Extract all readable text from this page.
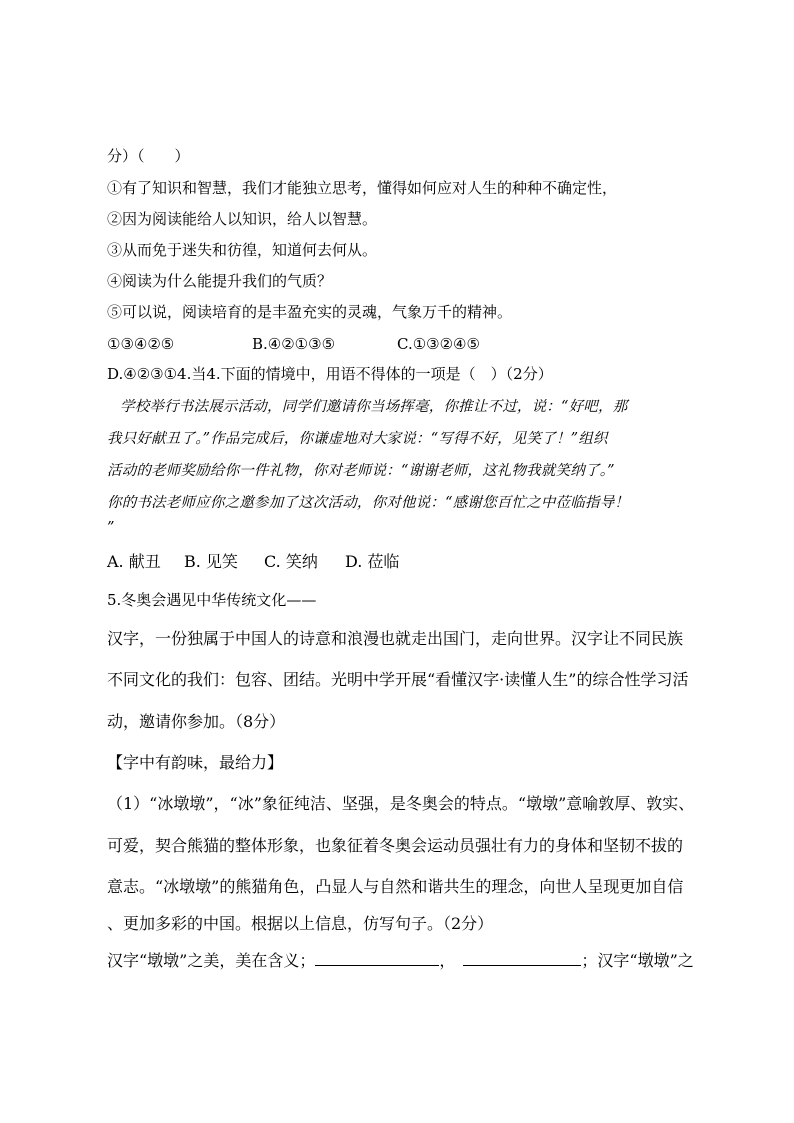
分）（　　）
①有了知识和智慧，我们才能独立思考，懂得如何应对人生的种种不确定性，
②因为阅读能给人以知识，给人以智慧。
③从而免于迷失和彷徨，知道何去何从。
④阅读为什么能提升我们的气质？
⑤可以说，阅读培育的是丰盈充实的灵魂，气象万千的精神。
①③④②⑤	B.④②①③⑤	C.①③②④⑤
D.④②③①4.当4.下面的情境中，用语不得体的一项是（　）（2分）
学校举行书法展示活动，同学们邀请你当场挥毫，你推让不过，说：“好吧，那
我只好献丑了。”作品完成后，你谦虚地对大家说：“写得不好，见笑了！”组织
活动的老师奖励给你一件礼物，你对老师说：“谢谢老师，这礼物我就笑纳了。”
你的书法老师应你之邀参加了这次活动，你对他说：“感谢您百忙之中莅临指导！
”
A. 献丑 B. 见笑 C. 笑纳 D. 莅临
5.冬奥会遇见中华传统文化——
汉字，一份独属于中国人的诗意和浪漫也就走出国门，走向世界。汉字让不同民族
不同文化的我们：包容、团结。光明中学开展“看懂汉字·读懂人生”的综合性学习活
动，邀请你参加。（8分）
【字中有韵味，最给力】
（1）“冰墩墩”，“冰”象征纯洁、坚强，是冬奥会的特点。“墩墩”意喻敦厚、敦实、
可爱，契合熊猫的整体形象，也象征着冬奥会运动员强壮有力的身体和坚韧不拔的
意志。“冰墩墩”的熊猫角色，凸显人与自然和谐共生的理念，向世人呈现更加自信
、更加多彩的中国。根据以上信息，仿写句子。（2分）
汉字“墩墩”之美，美在含义；	，	；汉字“墩墩”之
